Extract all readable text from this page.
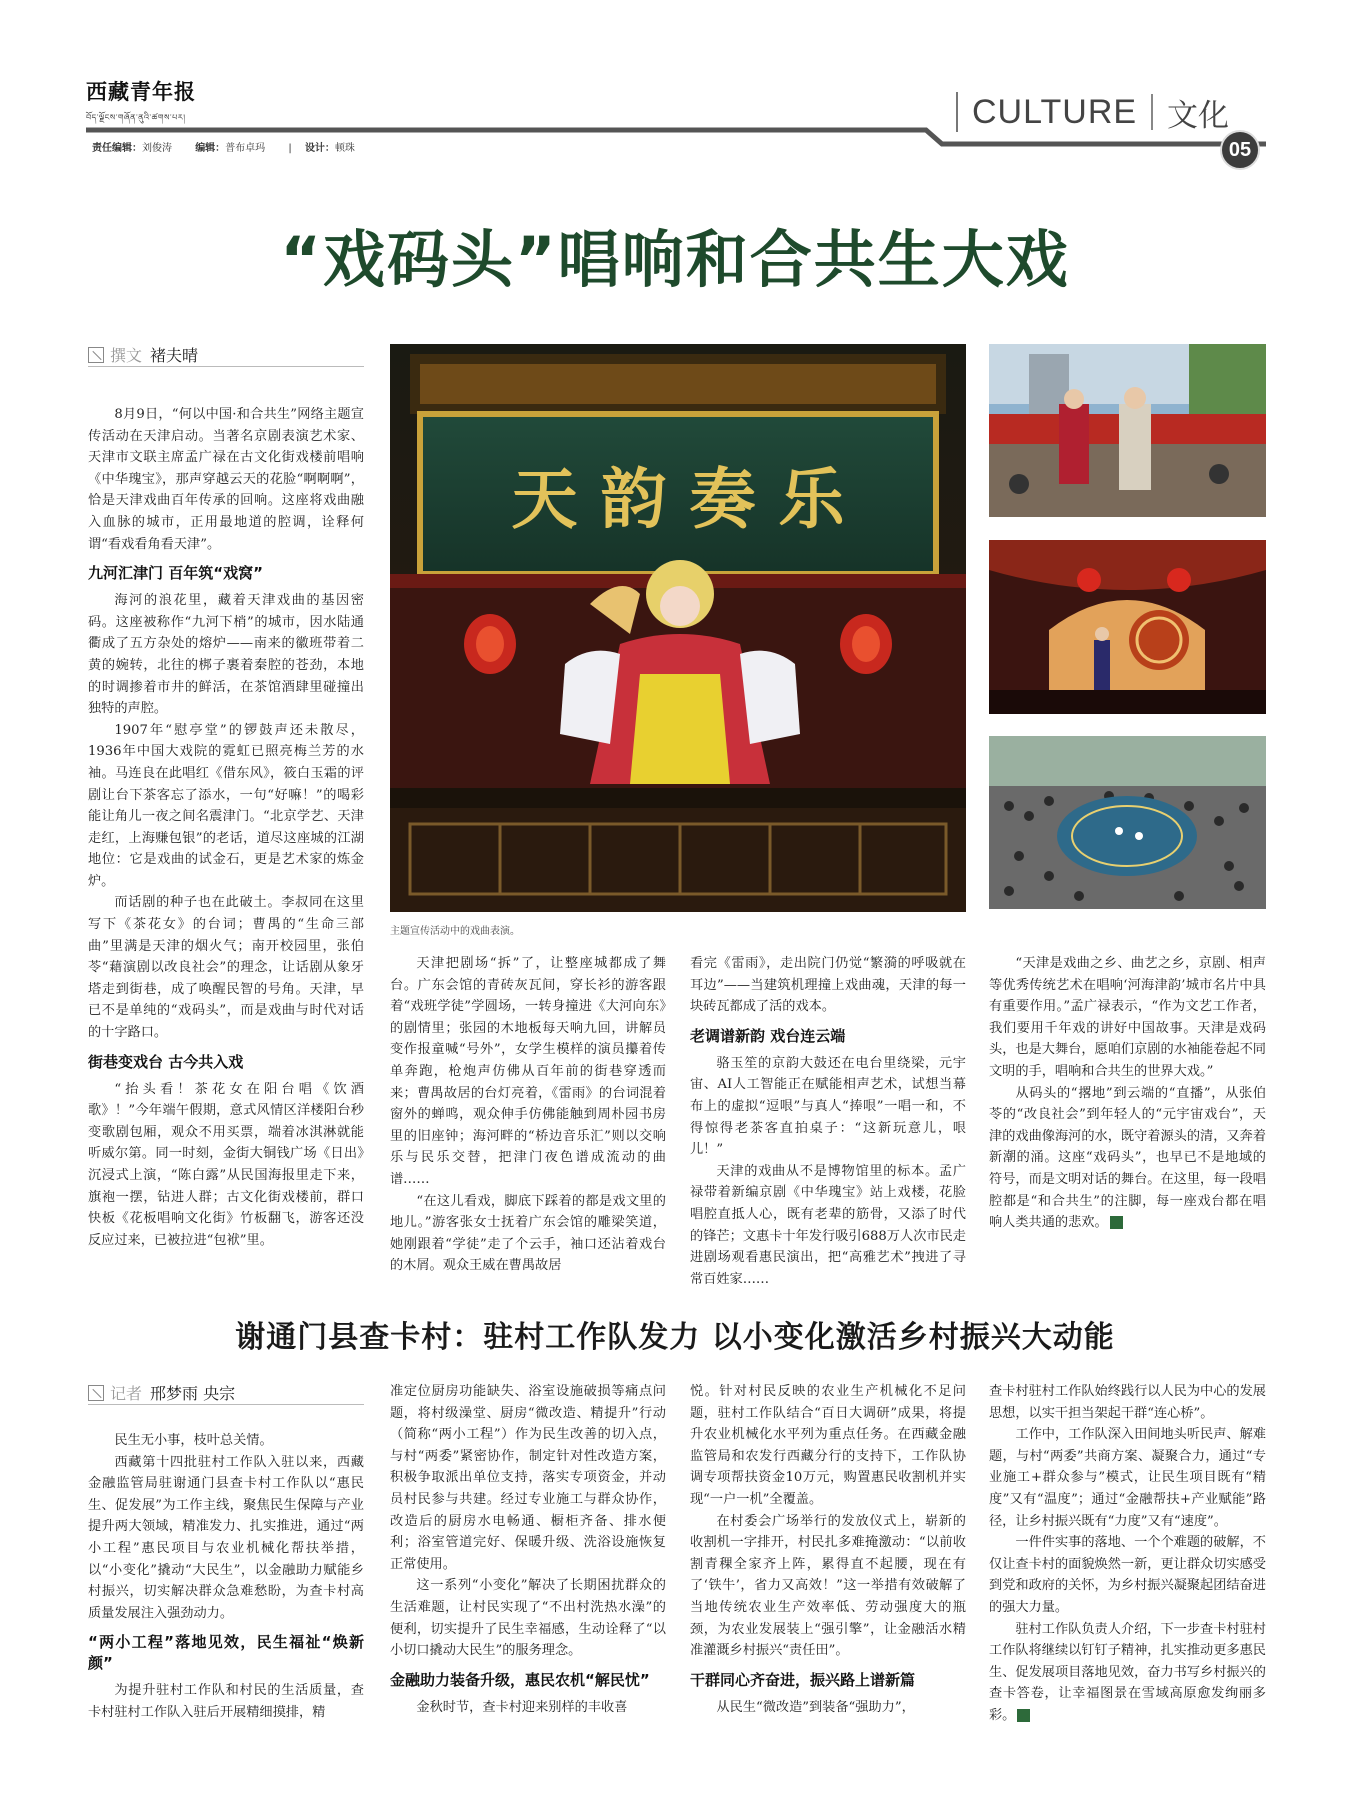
西藏青年报
བོད་ལྗོངས་གཞོན་ནུའི་ཚགས་པར།
责任编辑：刘俊涛 编辑：普布卓玛 | 设计：顿珠
CULTURE 文化
05
“戏码头”唱响和合共生大戏
撰文 褚夫晴

8月9日，“何以中国·和合共生”网络主题宣传活动在天津启动。当著名京剧表演艺术家、天津市文联主席孟广禄在古文化街戏楼前唱响《中华瑰宝》，那声穿越云天的花脸“啊啊啊”，恰是天津戏曲百年传承的回响。这座将戏曲融入血脉的城市，正用最地道的腔调，诠释何谓“看戏看角看天津”。

九河汇津门 百年筑“戏窝”

海河的浪花里，藏着天津戏曲的基因密码。这座被称作“九河下梢”的城市，因水陆通衢成了五方杂处的熔炉——南来的徽班带着二黄的婉转，北往的梆子裹着秦腔的苍劲，本地的时调掺着市井的鲜活，在茶馆酒肆里碰撞出独特的声腔。

1907年“慰亭堂”的锣鼓声还未散尽，1936年中国大戏院的霓虹已照亮梅兰芳的水袖。马连良在此唱红《借东风》，筱白玉霜的评剧让台下茶客忘了添水，一句“好嘛！”的喝彩能让角儿一夜之间名震津门。“北京学艺、天津走红，上海赚包银”的老话，道尽这座城的江湖地位：它是戏曲的试金石，更是艺术家的炼金炉。

而话剧的种子也在此破土。李叔同在这里写下《茶花女》的台词；曹禺的“生命三部曲”里满是天津的烟火气；南开校园里，张伯苓“藉演剧以改良社会”的理念，让话剧从象牙塔走到街巷，成了唤醒民智的号角。天津，早已不是单纯的“戏码头”，而是戏曲与时代对话的十字路口。

街巷变戏台 古今共入戏

“抬头看！茶花女在阳台唱《饮酒歌》！”今年端午假期，意式风情区洋楼阳台秒变歌剧包厢，观众不用买票，端着冰淇淋就能听威尔第。同一时刻，金街大铜钱广场《日出》沉浸式上演，“陈白露”从民国海报里走下来，旗袍一摆，钻进人群；古文化街戏楼前，群口快板《花板唱响文化街》竹板翻飞，游客还没反应过来，已被拉进“包袱”里。

天 韵 奏 乐
主题宣传活动中的戏曲表演。

天津把剧场“拆”了，让整座城都成了舞台。广东会馆的青砖灰瓦间，穿长衫的游客跟着“戏班学徒”学圆场，一转身撞进《大河向东》的剧情里；张园的木地板每天响九回，讲解员变作报童喊“号外”，女学生模样的演员攥着传单奔跑，枪炮声仿佛从百年前的街巷穿透而来；曹禺故居的台灯亮着，《雷雨》的台词混着窗外的蝉鸣，观众伸手仿佛能触到周朴园书房里的旧座钟；海河畔的“桥边音乐汇”则以交响乐与民乐交替，把津门夜色谱成流动的曲谱……

“在这儿看戏，脚底下踩着的都是戏文里的地儿。”游客张女士抚着广东会馆的雕梁笑道，她刚跟着“学徒”走了个云手，袖口还沾着戏台的木屑。观众王威在曹禺故居

看完《雷雨》，走出院门仍觉“繁漪的呼吸就在耳边”——当建筑机理撞上戏曲魂，天津的每一块砖瓦都成了活的戏本。

老调谱新韵 戏台连云端

骆玉笙的京韵大鼓还在电台里绕梁，元宇宙、AI人工智能正在赋能相声艺术，试想当幕布上的虚拟“逗哏”与真人“捧哏”一唱一和，不得惊得老茶客直拍桌子：“这新玩意儿，哏儿！”

天津的戏曲从不是博物馆里的标本。孟广禄带着新编京剧《中华瑰宝》站上戏楼，花脸唱腔直抵人心，既有老辈的筋骨，又添了时代的锋芒；文惠卡十年发行吸引688万人次市民走进剧场观看惠民演出，把“高雅艺术”拽进了寻常百姓家……

“天津是戏曲之乡、曲艺之乡，京剧、相声等优秀传统艺术在唱响‘河海津韵’城市名片中具有重要作用。”孟广禄表示，“作为文艺工作者，我们要用千年戏的讲好中国故事。天津是戏码头，也是大舞台，愿咱们京剧的水袖能卷起不同文明的手，唱响和合共生的世界大戏。”

从码头的“撂地”到云端的“直播”，从张伯苓的“改良社会”到年轻人的“元宇宙戏台”，天津的戏曲像海河的水，既守着源头的清，又奔着新潮的涌。这座“戏码头”，也早已不是地域的符号，而是文明对话的舞台。在这里，每一段唱腔都是“和合共生”的注脚，每一座戏台都在唱响人类共通的悲欢。	青

谢通门县查卡村：驻村工作队发力 以小变化激活乡村振兴大动能
记者 邢梦雨 央宗

民生无小事，枝叶总关情。

西藏第十四批驻村工作队入驻以来，西藏金融监管局驻谢通门县查卡村工作队以“惠民生、促发展”为工作主线，聚焦民生保障与产业提升两大领域，精准发力、扎实推进，通过“两小工程”惠民项目与农业机械化帮扶举措，以“小变化”撬动“大民生”，以金融助力赋能乡村振兴，切实解决群众急难愁盼，为查卡村高质量发展注入强劲动力。

“两小工程”落地见效，民生福祉“焕新颜”

为提升驻村工作队和村民的生活质量，查卡村驻村工作队入驻后开展精细摸排，精

准定位厨房功能缺失、浴室设施破损等痛点问题，将村级澡堂、厨房“微改造、精提升”行动（简称“两小工程”）作为民生改善的切入点，与村“两委”紧密协作，制定针对性改造方案，积极争取派出单位支持，落实专项资金，并动员村民参与共建。经过专业施工与群众协作，改造后的厨房水电畅通、橱柜齐备、排水便利；浴室管道完好、保暖升级、洗浴设施恢复正常使用。

这一系列“小变化”解决了长期困扰群众的生活难题，让村民实现了“不出村洗热水澡”的便利，切实提升了民生幸福感，生动诠释了“以小切口撬动大民生”的服务理念。

金融助力装备升级，惠民农机“解民忧”

金秋时节，查卡村迎来别样的丰收喜

悦。针对村民反映的农业生产机械化不足问题，驻村工作队结合“百日大调研”成果，将提升农业机械化水平列为重点任务。在西藏金融监管局和农发行西藏分行的支持下，工作队协调专项帮扶资金10万元，购置惠民收割机并实现“一户一机”全覆盖。

在村委会广场举行的发放仪式上，崭新的收割机一字排开，村民扎多难掩激动：“以前收割青稞全家齐上阵，累得直不起腰，现在有了‘铁牛’，省力又高效！”这一举措有效破解了当地传统农业生产效率低、劳动强度大的瓶颈，为农业发展装上“强引擎”，让金融活水精准灌溉乡村振兴“责任田”。

干群同心齐奋进，振兴路上谱新篇

从民生“微改造”到装备“强助力”，

查卡村驻村工作队始终践行以人民为中心的发展思想，以实干担当架起干群“连心桥”。

工作中，工作队深入田间地头听民声、解难题，与村“两委”共商方案、凝聚合力，通过“专业施工+群众参与”模式，让民生项目既有“精度”又有“温度”；通过“金融帮扶+产业赋能”路径，让乡村振兴既有“力度”又有“速度”。

一件件实事的落地、一个个难题的破解，不仅让查卡村的面貌焕然一新，更让群众切实感受到党和政府的关怀，为乡村振兴凝聚起团结奋进的强大力量。

驻村工作队负责人介绍，下一步查卡村驻村工作队将继续以钉钉子精神，扎实推动更多惠民生、促发展项目落地见效，奋力书写乡村振兴的查卡答卷，让幸福图景在雪域高原愈发绚丽多彩。	青
